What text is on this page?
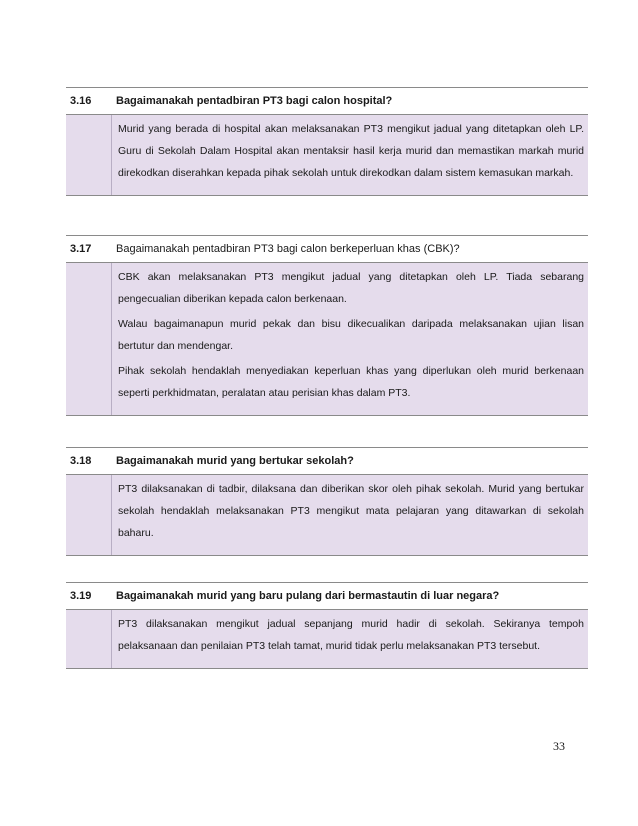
3.16	Bagaimanakah pentadbiran PT3 bagi calon hospital?

Murid yang berada di hospital akan melaksanakan PT3 mengikut jadual yang ditetapkan oleh LP. Guru di Sekolah Dalam Hospital akan mentaksir hasil kerja murid dan memastikan markah murid direkodkan diserahkan kepada pihak sekolah untuk direkodkan dalam sistem kemasukan markah.

3.17	Bagaimanakah pentadbiran PT3 bagi calon berkeperluan khas (CBK)?

CBK akan melaksanakan PT3 mengikut jadual yang ditetapkan oleh LP. Tiada sebarang pengecualian diberikan kepada calon berkenaan.

Walau bagaimanapun murid pekak dan bisu dikecualikan daripada melaksanakan ujian lisan bertutur dan mendengar.

Pihak sekolah hendaklah menyediakan keperluan khas yang diperlukan oleh murid berkenaan seperti perkhidmatan, peralatan atau perisian khas dalam PT3.

3.18	Bagaimanakah murid yang bertukar sekolah?

PT3 dilaksanakan di tadbir, dilaksana dan diberikan skor oleh pihak sekolah. Murid yang bertukar sekolah hendaklah melaksanakan PT3 mengikut mata pelajaran yang ditawarkan di sekolah baharu.

3.19	Bagaimanakah murid yang baru pulang dari bermastautin di luar negara?

PT3 dilaksanakan mengikut jadual sepanjang murid hadir di sekolah. Sekiranya tempoh pelaksanaan dan penilaian PT3 telah tamat, murid tidak perlu melaksanakan PT3 tersebut.

33
